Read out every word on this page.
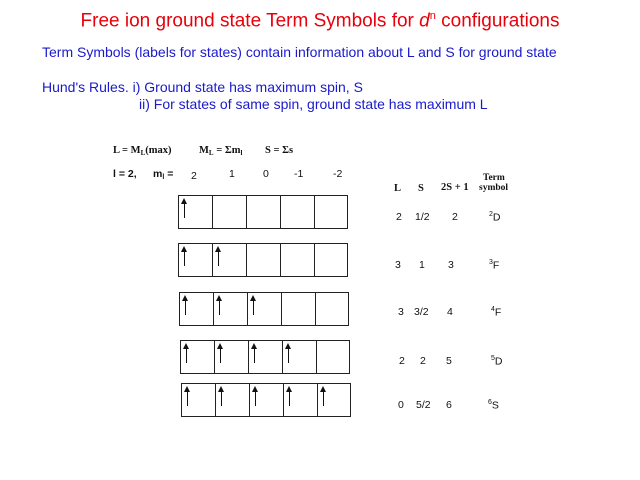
Free ion ground state Term Symbols for $d^n$ configurations
Term Symbols (labels for states) contain information about L and S for ground state
Hund's Rules. i) Ground state has maximum spin, S
ii) For states of same spin, ground state has maximum L
$L = M_L(\max)$	$M_L = \Sigma m_l$ S = Σs
l = 2, $m_l = 2$	1	0 -1	-2
L S 2S + 1
Term
symbol
2 1/2 2	$^2$D
3 1 3	$^3$F
3 3/2 4	$^4$F
2 2 5	$^5$D
0 5/2 6	$^6$S
